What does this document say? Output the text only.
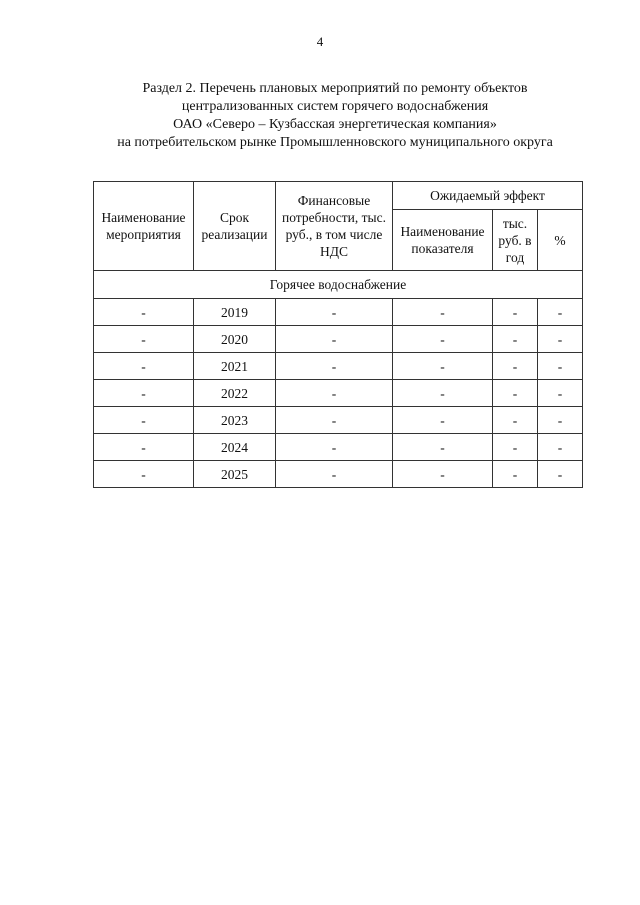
4
Раздел 2. Перечень плановых мероприятий по ремонту объектов
централизованных систем горячего водоснабжения
ОАО «Северо – Кузбасская энергетическая компания»
на потребительском рынке Промышленновского муниципального округа
Наименование мероприятия	Срок реализации	Финансовые потребности, тыс. руб., в том числе НДС	Ожидаемый эффект		
			Наименование показателя	тыс. руб. в год	%
Горячее водоснабжение					
-	2019	-	-	-	-
-	2020	-	-	-	-
-	2021	-	-	-	-
-	2022	-	-	-	-
-	2023	-	-	-	-
-	2024	-	-	-	-
-	2025	-	-	-	-
